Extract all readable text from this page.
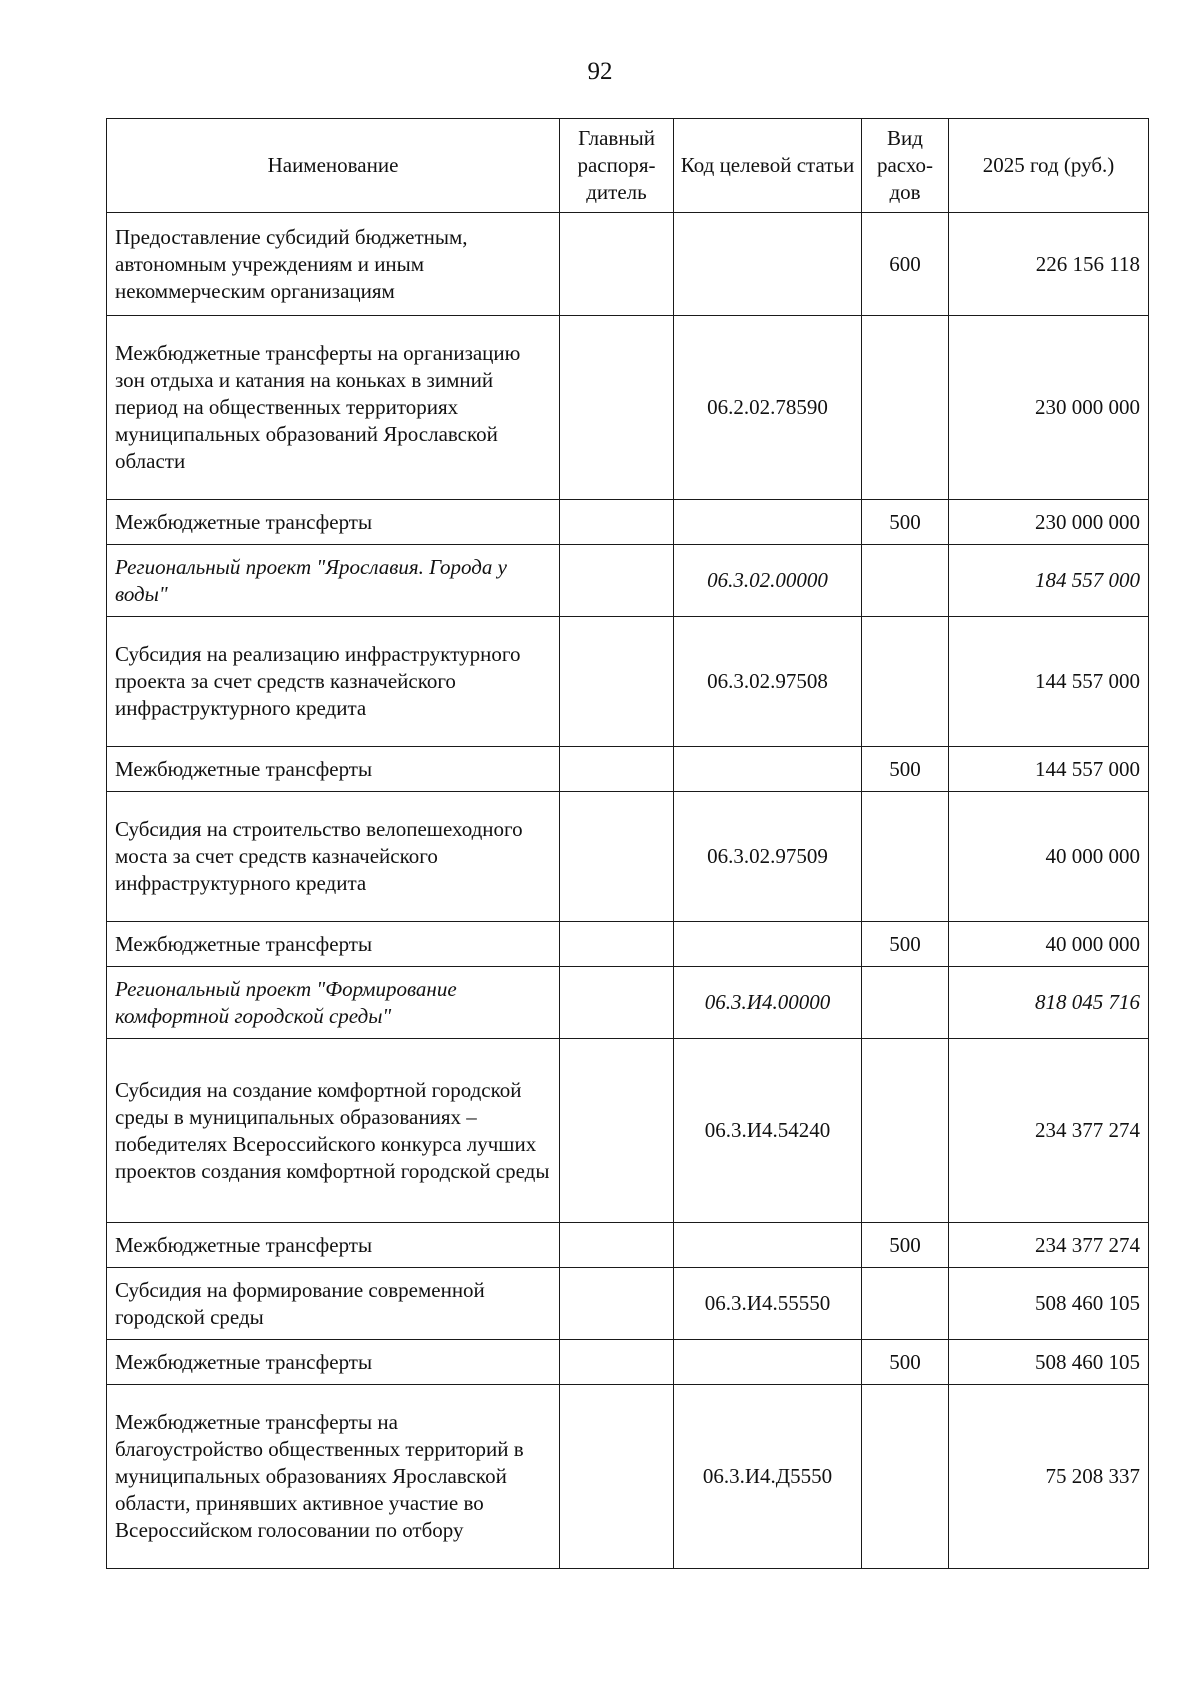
92
Наименование	Главный распоря-дитель	Код целевой статьи	Вид расхо-дов	2025 год (руб.)
Предоставление субсидий бюджетным, автономным учреждениям и иным некоммерческим организациям			600	226 156 118
Межбюджетные трансферты на организацию зон отдыха и катания на коньках в зимний период на общественных территориях муниципальных образований Ярославской области		06.2.02.78590		230 000 000
Межбюджетные трансферты			500	230 000 000
Региональный проект "Ярославия. Города у воды"		06.3.02.00000		184 557 000
Субсидия на реализацию инфраструктурного проекта за счет средств казначейского инфраструктурного кредита		06.3.02.97508		144 557 000
Межбюджетные трансферты			500	144 557 000
Субсидия на строительство велопешеходного моста за счет средств казначейского инфраструктурного кредита		06.3.02.97509		40 000 000
Межбюджетные трансферты			500	40 000 000
Региональный проект "Формирование комфортной городской среды"		06.3.И4.00000		818 045 716
Субсидия на создание комфортной городской среды в муниципальных образованиях – победителях Всероссийского конкурса лучших проектов создания комфортной городской среды		06.3.И4.54240		234 377 274
Межбюджетные трансферты			500	234 377 274
Субсидия на формирование современной городской среды		06.3.И4.55550		508 460 105
Межбюджетные трансферты			500	508 460 105
Межбюджетные трансферты на благоустройство общественных территорий в муниципальных образованиях Ярославской области, принявших активное участие во Всероссийском голосовании по отбору		06.3.И4.Д5550		75 208 337
